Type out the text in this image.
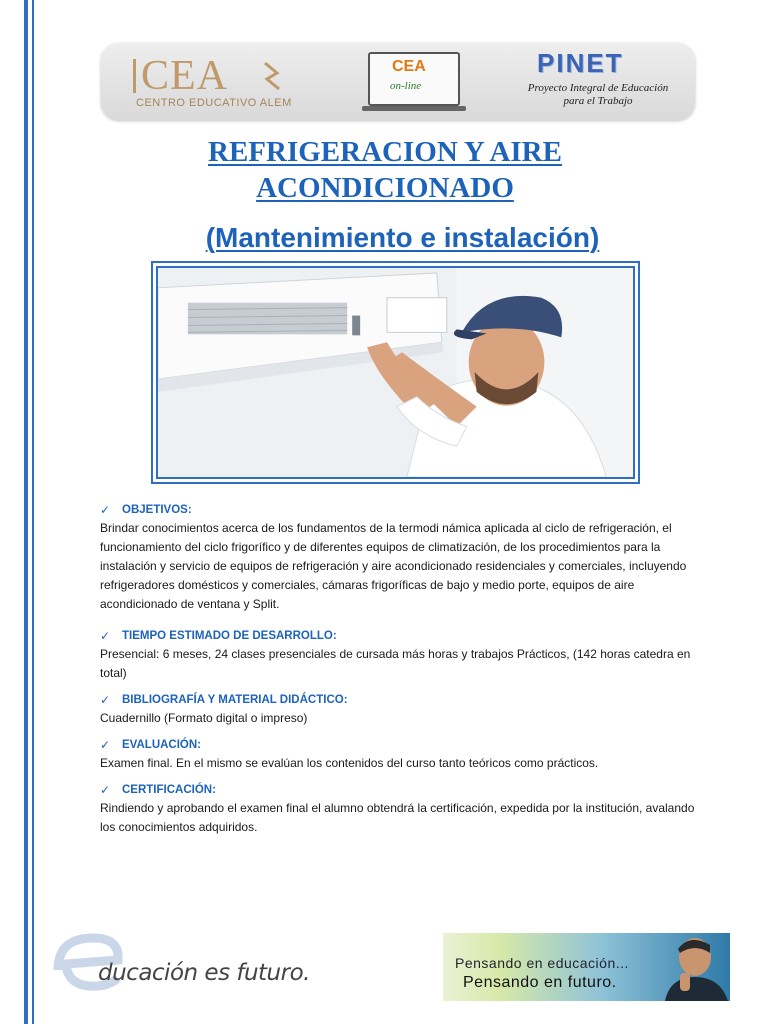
CEA
CENTRO EDUCATIVO ALEM
CEA
on-line
PINET
Proyecto Integral de Educación para el Trabajo
REFRIGERACION Y AIRE ACONDICIONADO
(Mantenimiento e instalación)
✓	OBJETIVOS:
Brindar conocimientos acerca de los fundamentos de la termodi námica aplicada al ciclo de refrigeración, el funcionamiento del ciclo frigorífico y de diferentes equipos de climatización, de los procedimientos para la instalación y servicio de equipos de refrigeración y aire acondicionado residenciales y comerciales, incluyendo refrigeradores domésticos y comerciales, cámaras frigoríficas de bajo y medio porte, equipos de aire acondicionado de ventana y Split.
✓	TIEMPO ESTIMADO DE DESARROLLO:
Presencial: 6 meses, 24 clases presenciales de cursada más horas y trabajos Prácticos, (142 horas catedra en total)
✓	BIBLIOGRAFÍA Y MATERIAL DIDÁCTICO:
Cuadernillo (Formato digital o impreso)
✓	EVALUACIÓN:
Examen final. En el mismo se evalúan los contenidos del curso tanto teóricos como prácticos.
✓	CERTIFICACIÓN:
Rindiendo y aprobando el examen final el alumno obtendrá la certificación, expedida por la institución, avalando los conocimientos adquiridos.
ducación es futuro.	Pensando en educación...
Pensando en futuro.
